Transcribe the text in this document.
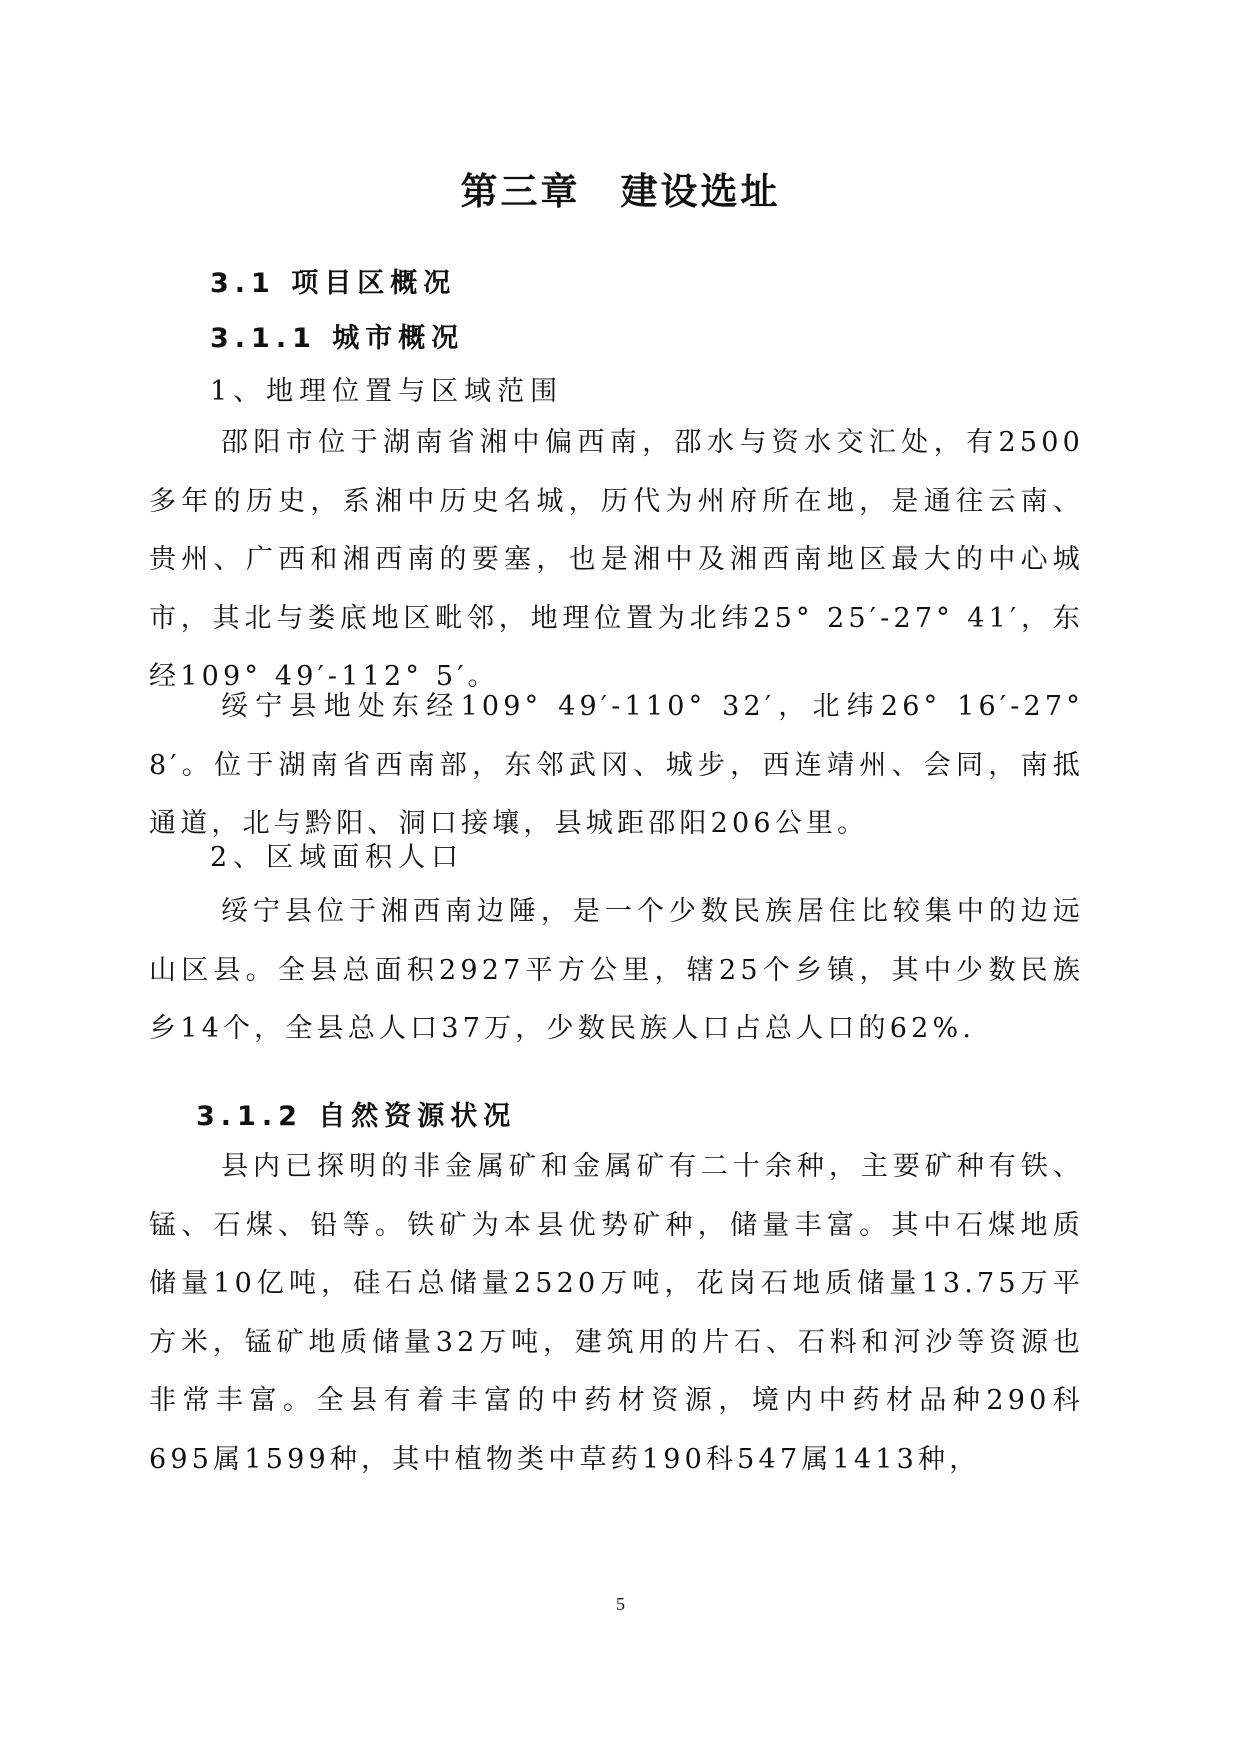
第三章　建设选址
3.1 项目区概况
3.1.1 城市概况
1、地理位置与区域范围

邵阳市位于湖南省湘中偏西南，邵水与资水交汇处，有2500多年的历史，系湘中历史名城，历代为州府所在地，是通往云南、贵州、广西和湘西南的要塞，也是湘中及湘西南地区最大的中心城市，其北与娄底地区毗邻，地理位置为北纬25° 25′-27° 41′，东经109° 49′-112° 5′。

绥宁县地处东经109° 49′-110° 32′，北纬26° 16′-27° 8′。位于湖南省西南部，东邻武冈、城步，西连靖州、会同，南抵通道，北与黔阳、洞口接壤，县城距邵阳206公里。

2、区域面积人口

绥宁县位于湘西南边陲，是一个少数民族居住比较集中的边远山区县。全县总面积2927平方公里，辖25个乡镇，其中少数民族乡14个，全县总人口37万，少数民族人口占总人口的62%.

3.1.2 自然资源状况

县内已探明的非金属矿和金属矿有二十余种，主要矿种有铁、锰、石煤、铅等。铁矿为本县优势矿种，储量丰富。其中石煤地质储量10亿吨，硅石总储量2520万吨，花岗石地质储量13.75万平方米，锰矿地质储量32万吨，建筑用的片石、石料和河沙等资源也非常丰富。全县有着丰富的中药材资源，境内中药材品种290科695属1599种，其中植物类中草药190科547属1413种，

5
